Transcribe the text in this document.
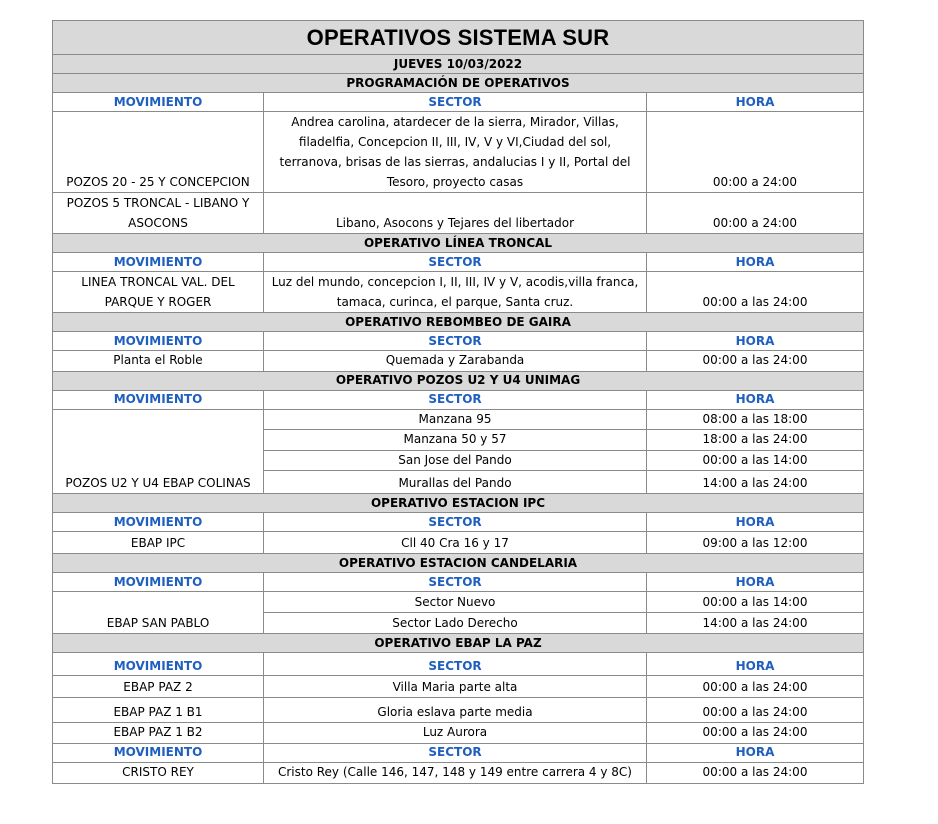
OPERATIVOS SISTEMA SUR		
JUEVES 10/03/2022		
PROGRAMACIÓN DE OPERATIVOS		
MOVIMIENTO	SECTOR	HORA
POZOS 20 - 25 Y CONCEPCION	Andrea carolina, atardecer de la sierra, Mirador, Villas, filadelfia, Concepcion II, III, IV, V y VI,Ciudad del sol, terranova, brisas de las sierras, andalucias I y II, Portal del Tesoro, proyecto casas	00:00 a 24:00
POZOS 5 TRONCAL - LIBANO Y ASOCONS	Libano, Asocons y Tejares del libertador	00:00 a 24:00
OPERATIVO LÍNEA TRONCAL		
MOVIMIENTO	SECTOR	HORA
LINEA TRONCAL VAL. DEL PARQUE Y ROGER	Luz del mundo, concepcion I, II, III, IV y V, acodis,villa franca, tamaca, curinca, el parque, Santa cruz.	00:00 a las 24:00
OPERATIVO REBOMBEO DE GAIRA		
MOVIMIENTO	SECTOR	HORA
Planta el Roble	Quemada y Zarabanda	00:00 a las 24:00
OPERATIVO POZOS U2 Y U4 UNIMAG		
MOVIMIENTO	SECTOR	HORA
POZOS U2 Y U4 EBAP COLINAS	Manzana 95	08:00 a las 18:00
	Manzana 50 y 57	18:00 a las 24:00
	San Jose del Pando	00:00 a las 14:00
	Murallas del Pando	14:00 a las 24:00
OPERATIVO ESTACION IPC		
MOVIMIENTO	SECTOR	HORA
EBAP IPC	Cll 40 Cra 16 y 17	09:00 a las 12:00
OPERATIVO ESTACION CANDELARIA		
MOVIMIENTO	SECTOR	HORA
EBAP SAN PABLO	Sector Nuevo	00:00 a las 14:00
	Sector Lado Derecho	14:00 a las 24:00
OPERATIVO EBAP LA PAZ		
MOVIMIENTO	SECTOR	HORA
EBAP PAZ 2	Villa Maria parte alta	00:00 a las 24:00
EBAP PAZ 1 B1	Gloria eslava parte media	00:00 a las 24:00
EBAP PAZ 1 B2	Luz Aurora	00:00 a las 24:00
MOVIMIENTO	SECTOR	HORA
CRISTO REY	Cristo Rey (Calle 146, 147, 148 y 149 entre carrera 4 y 8C)	00:00 a las 24:00
